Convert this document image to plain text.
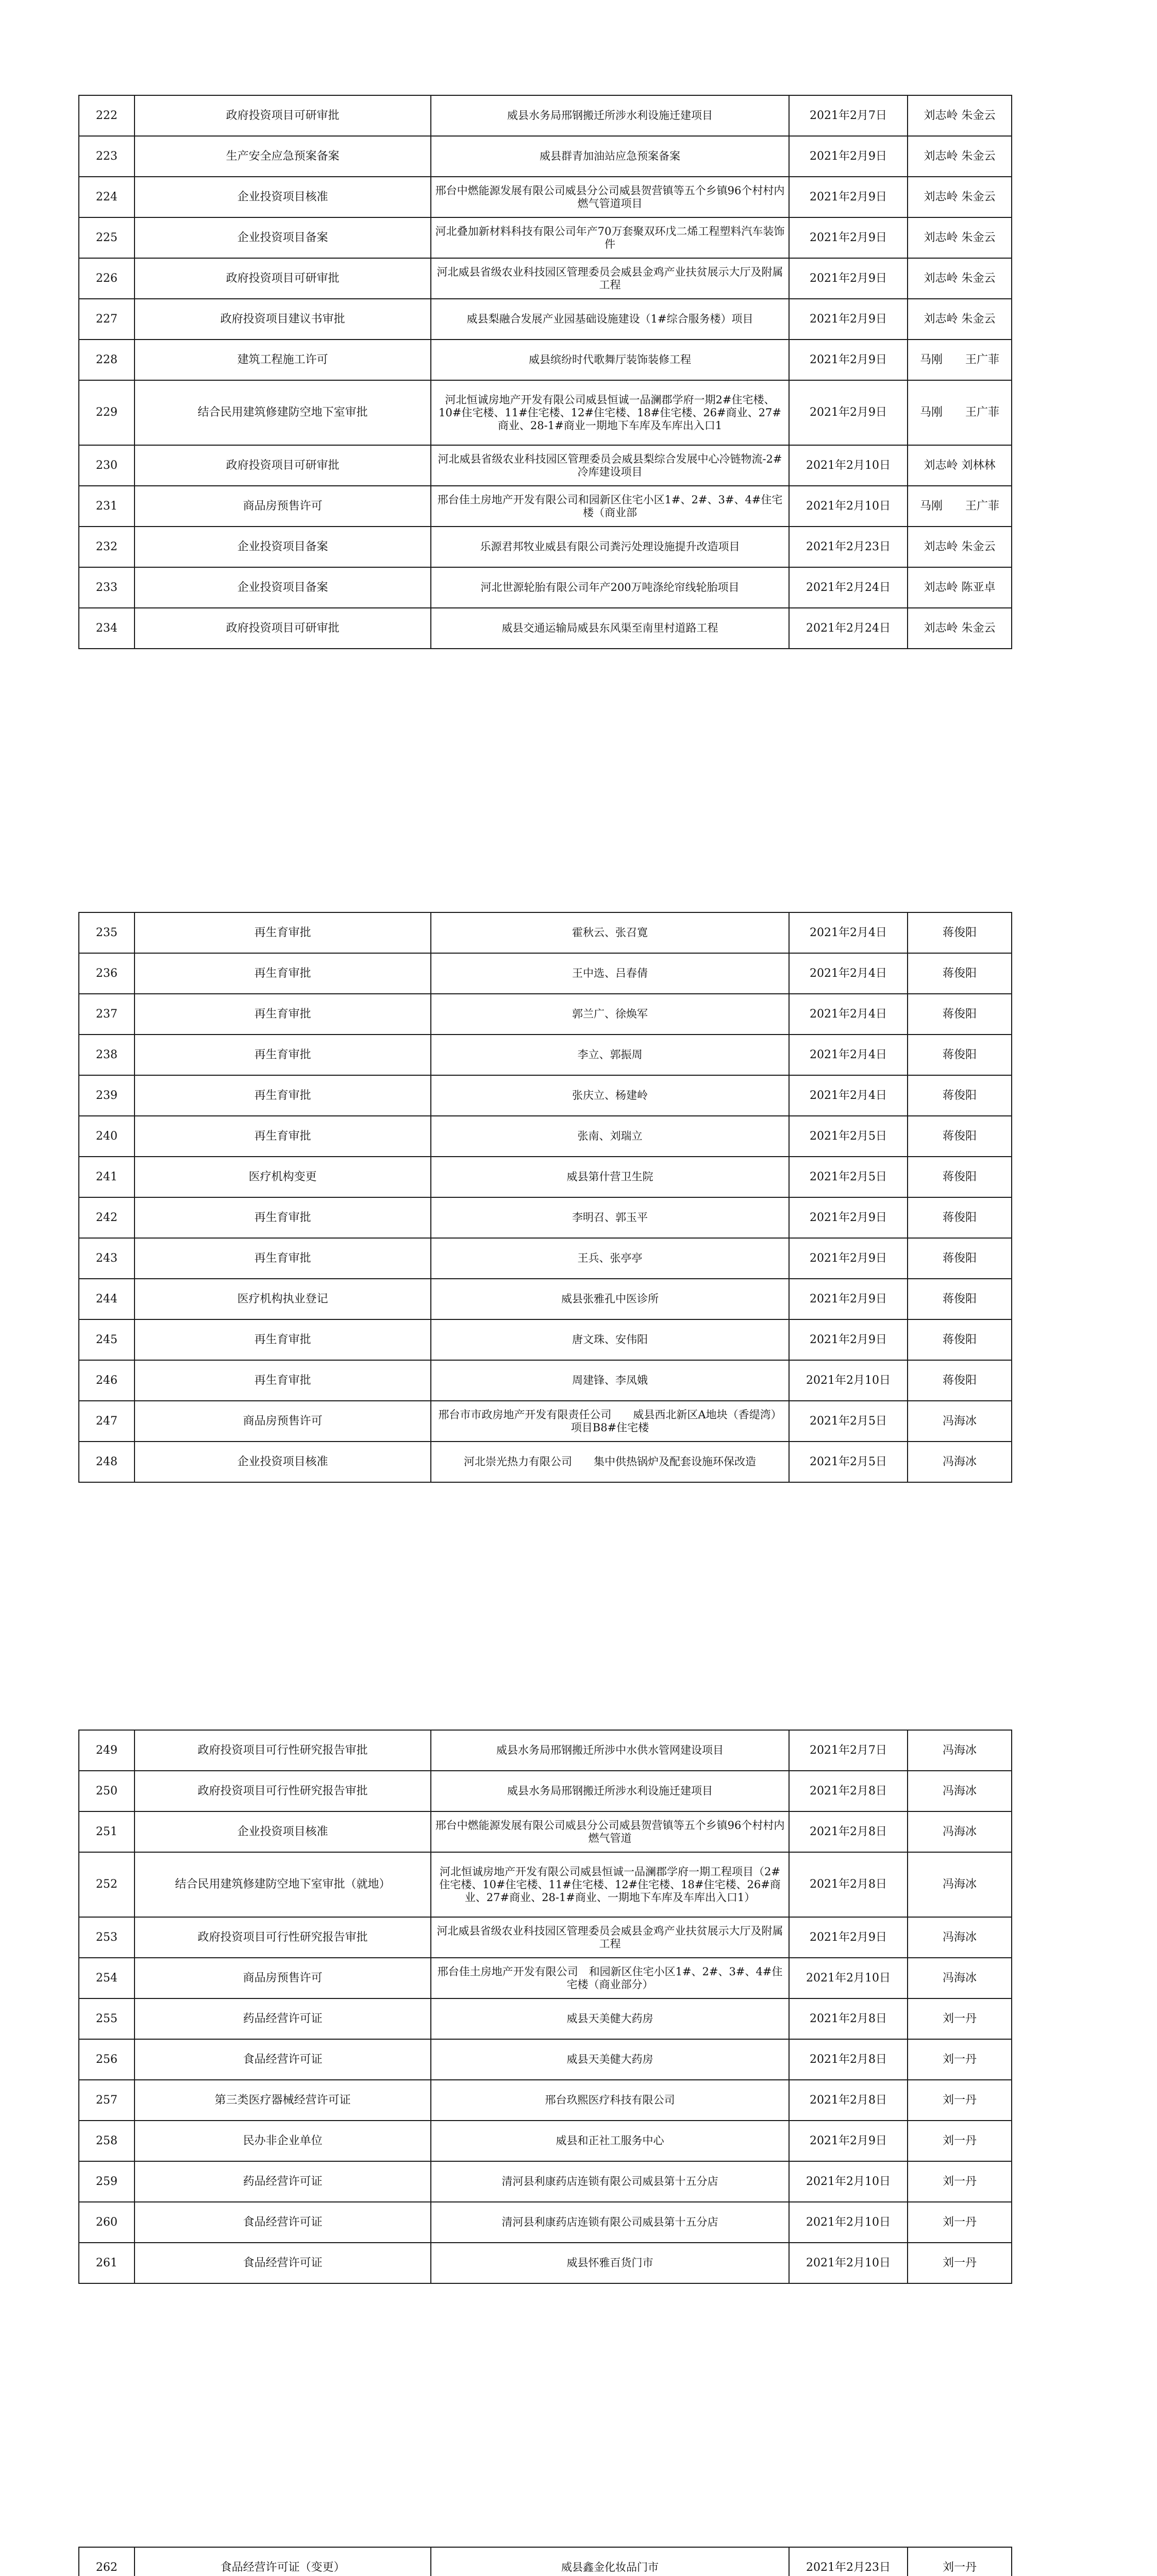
222	政府投资项目可研审批	威县水务局邢钢搬迁所涉水利设施迁建项目	2021年2月7日	刘志岭 朱金云
223	生产安全应急预案备案	威县群青加油站应急预案备案	2021年2月9日	刘志岭 朱金云
224	企业投资项目核准	邢台中燃能源发展有限公司威县分公司威县贺营镇等五个乡镇96个村村内燃气管道项目	2021年2月9日	刘志岭 朱金云
225	企业投资项目备案	河北叠加新材料科技有限公司年产70万套聚双环戊二烯工程塑料汽车装饰件	2021年2月9日	刘志岭 朱金云
226	政府投资项目可研审批	河北威县省级农业科技园区管理委员会威县金鸡产业扶贫展示大厅及附属工程	2021年2月9日	刘志岭 朱金云
227	政府投资项目建议书审批	威县梨融合发展产业园基础设施建设（1#综合服务楼）项目	2021年2月9日	刘志岭 朱金云
228	建筑工程施工许可	威县缤纷时代歌舞厅装饰装修工程	2021年2月9日	马刚　　王广菲
229	结合民用建筑修建防空地下室审批	河北恒诚房地产开发有限公司威县恒诚一品澜郡学府一期2#住宅楼、10#住宅楼、11#住宅楼、12#住宅楼、18#住宅楼、26#商业、27#商业、28-1#商业一期地下车库及车库出入口1	2021年2月9日	马刚　　王广菲
230	政府投资项目可研审批	河北威县省级农业科技园区管理委员会威县梨综合发展中心冷链物流-2#冷库建设项目	2021年2月10日	刘志岭 刘林林
231	商品房预售许可	邢台佳土房地产开发有限公司和园新区住宅小区1#、2#、3#、4#住宅楼（商业部	2021年2月10日	马刚　　王广菲
232	企业投资项目备案	乐源君邦牧业威县有限公司粪污处理设施提升改造项目	2021年2月23日	刘志岭 朱金云
233	企业投资项目备案	河北世源轮胎有限公司年产200万吨涤纶帘线轮胎项目	2021年2月24日	刘志岭 陈亚卓
234	政府投资项目可研审批	威县交通运输局威县东风渠至南里村道路工程	2021年2月24日	刘志岭 朱金云
235	再生育审批	霍秋云、张召寛	2021年2月4日	蒋俊阳
236	再生育审批	王中选、吕春倩	2021年2月4日	蒋俊阳
237	再生育审批	郭兰广、徐焕军	2021年2月4日	蒋俊阳
238	再生育审批	李立、郭振周	2021年2月4日	蒋俊阳
239	再生育审批	张庆立、杨建岭	2021年2月4日	蒋俊阳
240	再生育审批	张南、刘瑞立	2021年2月5日	蒋俊阳
241	医疗机构变更	威县第什营卫生院	2021年2月5日	蒋俊阳
242	再生育审批	李明召、郭玉平	2021年2月9日	蒋俊阳
243	再生育审批	王兵、张亭亭	2021年2月9日	蒋俊阳
244	医疗机构执业登记	威县张雅孔中医诊所	2021年2月9日	蒋俊阳
245	再生育审批	唐文珠、安伟阳	2021年2月9日	蒋俊阳
246	再生育审批	周建锋、李凤娥	2021年2月10日	蒋俊阳
247	商品房预售许可	邢台市市政房地产开发有限责任公司　　威县西北新区A地块（香缇湾）项目B8#住宅楼	2021年2月5日	冯海冰
248	企业投资项目核准	河北崇光热力有限公司　　集中供热锅炉及配套设施环保改造	2021年2月5日	冯海冰
249	政府投资项目可行性研究报告审批	威县水务局邢钢搬迁所涉中水供水管网建设项目	2021年2月7日	冯海冰
250	政府投资项目可行性研究报告审批	威县水务局邢钢搬迁所涉水利设施迁建项目	2021年2月8日	冯海冰
251	企业投资项目核准	邢台中燃能源发展有限公司威县分公司威县贺营镇等五个乡镇96个村村内燃气管道	2021年2月8日	冯海冰
252	结合民用建筑修建防空地下室审批（就地）	河北恒诚房地产开发有限公司威县恒诚一品澜郡学府一期工程项目（2#住宅楼、10#住宅楼、11#住宅楼、12#住宅楼、18#住宅楼、26#商业、27#商业、28-1#商业、一期地下车库及车库出入口1）	2021年2月8日	冯海冰
253	政府投资项目可行性研究报告审批	河北威县省级农业科技园区管理委员会威县金鸡产业扶贫展示大厅及附属工程	2021年2月9日	冯海冰
254	商品房预售许可	邢台佳土房地产开发有限公司　和园新区住宅小区1#、2#、3#、4#住宅楼（商业部分）	2021年2月10日	冯海冰
255	药品经营许可证	威县天美健大药房	2021年2月8日	刘一丹
256	食品经营许可证	威县天美健大药房	2021年2月8日	刘一丹
257	第三类医疗器械经营许可证	邢台玖熙医疗科技有限公司	2021年2月8日	刘一丹
258	民办非企业单位	威县和正社工服务中心	2021年2月9日	刘一丹
259	药品经营许可证	清河县利康药店连锁有限公司威县第十五分店	2021年2月10日	刘一丹
260	食品经营许可证	清河县利康药店连锁有限公司威县第十五分店	2021年2月10日	刘一丹
261	食品经营许可证	威县怀雅百货门市	2021年2月10日	刘一丹
262	食品经营许可证（变更）	威县鑫金化妆品门市	2021年2月23日	刘一丹
